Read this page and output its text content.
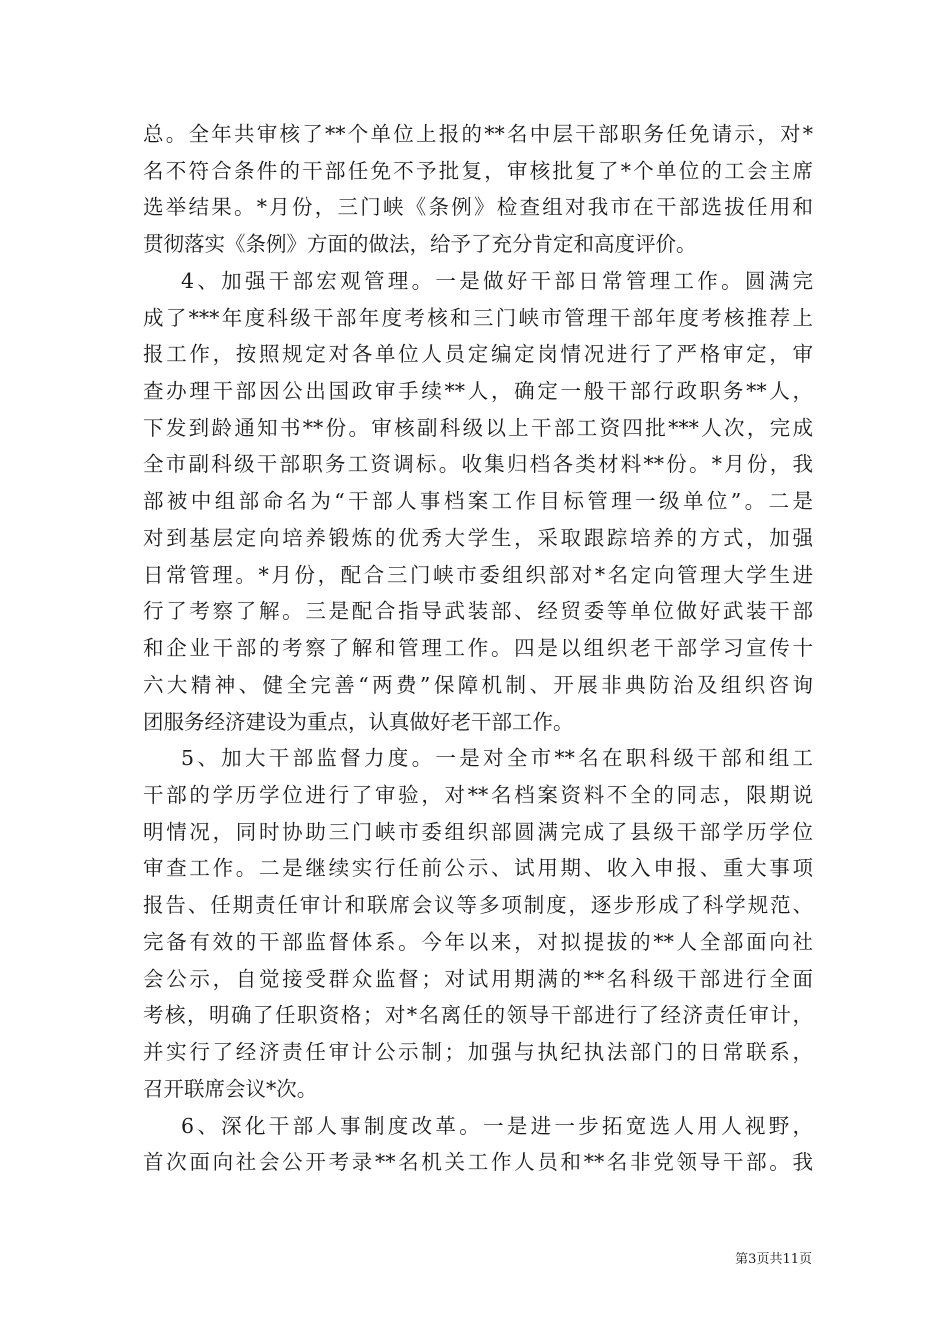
总。全年共审核了**个单位上报的**名中层干部职务任免请示，对*
名不符合条件的干部任免不予批复，审核批复了*个单位的工会主席
选举结果。*月份，三门峡《条例》检查组对我市在干部选拔任用和
贯彻落实《条例》方面的做法，给予了充分肯定和高度评价。
4、加强干部宏观管理。一是做好干部日常管理工作。圆满完
成了***年度科级干部年度考核和三门峡市管理干部年度考核推荐上
报工作，按照规定对各单位人员定编定岗情况进行了严格审定，审
查办理干部因公出国政审手续**人，确定一般干部行政职务**人，
下发到龄通知书**份。审核副科级以上干部工资四批***人次，完成
全市副科级干部职务工资调标。收集归档各类材料**份。*月份，我
部被中组部命名为“干部人事档案工作目标管理一级单位”。二是
对到基层定向培养锻炼的优秀大学生，采取跟踪培养的方式，加强
日常管理。*月份，配合三门峡市委组织部对*名定向管理大学生进
行了考察了解。三是配合指导武装部、经贸委等单位做好武装干部
和企业干部的考察了解和管理工作。四是以组织老干部学习宣传十
六大精神、健全完善“两费”保障机制、开展非典防治及组织咨询
团服务经济建设为重点，认真做好老干部工作。
5、加大干部监督力度。一是对全市**名在职科级干部和组工
干部的学历学位进行了审验，对**名档案资料不全的同志，限期说
明情况，同时协助三门峡市委组织部圆满完成了县级干部学历学位
审查工作。二是继续实行任前公示、试用期、收入申报、重大事项
报告、任期责任审计和联席会议等多项制度，逐步形成了科学规范、
完备有效的干部监督体系。今年以来，对拟提拔的**人全部面向社
会公示，自觉接受群众监督；对试用期满的**名科级干部进行全面
考核，明确了任职资格；对*名离任的领导干部进行了经济责任审计，
并实行了经济责任审计公示制；加强与执纪执法部门的日常联系，
召开联席会议*次。
6、深化干部人事制度改革。一是进一步拓宽选人用人视野，
首次面向社会公开考录**名机关工作人员和**名非党领导干部。我
第3页共11页
